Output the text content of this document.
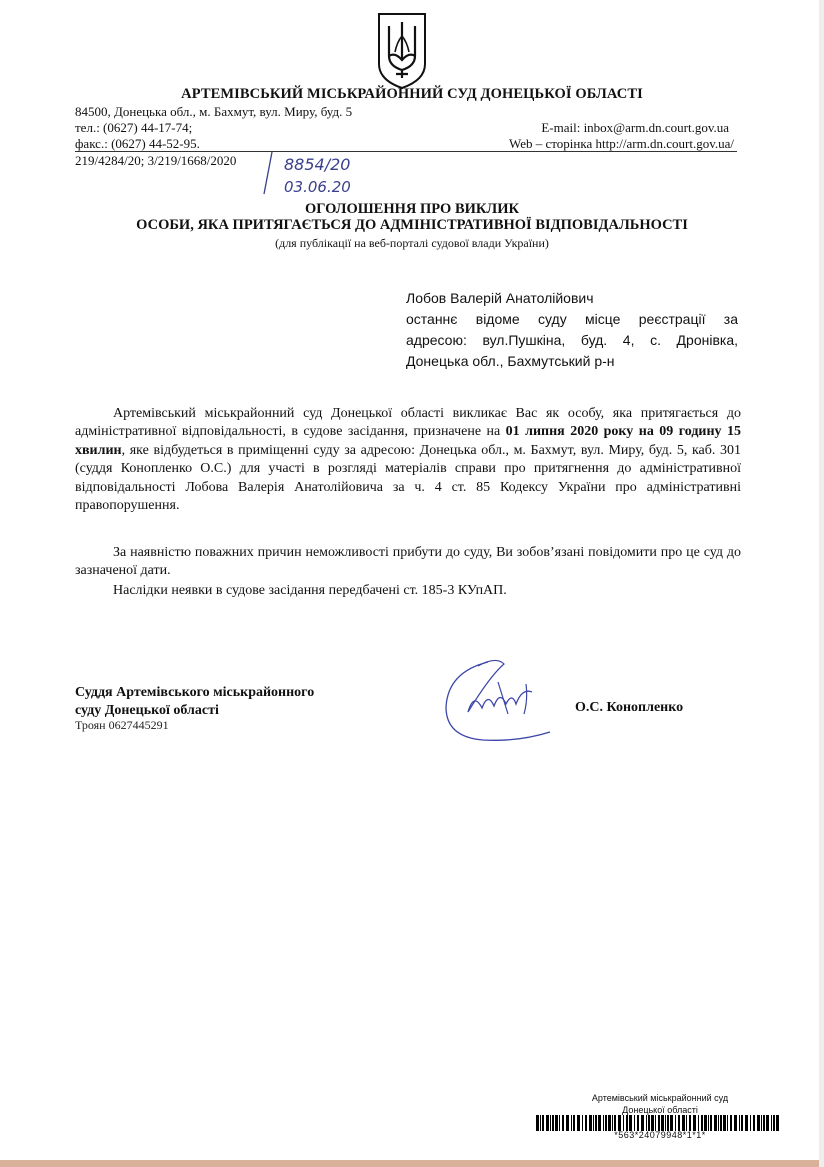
АРТЕМІВСЬКИЙ МІСЬКРАЙОННИЙ СУД ДОНЕЦЬКОЇ ОБЛАСТІ
84500, Донецька обл., м. Бахмут, вул. Миру, буд. 5
тел.: (0627) 44-17-74;
факс.: (0627) 44-52-95.
E-mail: inbox@arm.dn.court.gov.ua
Web – сторінка http://arm.dn.court.gov.ua/
219/4284/20; 3/219/1668/2020	8854/20
03.06.20
ОГОЛОШЕННЯ ПРО ВИКЛИК
ОСОБИ, ЯКА ПРИТЯГАЄТЬСЯ ДО АДМІНІСТРАТИВНОЇ ВІДПОВІДАЛЬНОСТІ
(для публікації на веб-порталі судової влади України)
Лобов Валерій Анатолійович
останнє відоме суду місце реєстрації за
адресою: вул.Пушкіна, буд. 4, с. Дронівка,
Донецька обл., Бахмутський р-н
Артемівський міськрайонний суд Донецької області викликає Вас як особу, яка притягається до адміністративної відповідальності, в судове засідання, призначене на 01 липня 2020 року на 09 годину 15 хвилин, яке відбудеться в приміщенні суду за адресою: Донецька обл., м. Бахмут, вул. Миру, буд. 5, каб. 301 (суддя Конопленко О.С.) для участі в розгляді матеріалів справи про притягнення до адміністративної відповідальності Лобова Валерія Анатолійовича за ч. 4 ст. 85 Кодексу України про адміністративні правопорушення.
За наявністю поважних причин неможливості прибути до суду, Ви зобов’язані повідомити про це суд до зазначеної дати.
Наслідки неявки в судове засідання передбачені ст. 185-3 КУпАП.
Суддя Артемівського міськрайонного
суду Донецької області
Троян 0627445291
О.С. Конопленко
Артемівський міськрайонний суд
Донецької області
*563*24079948*1*1*
